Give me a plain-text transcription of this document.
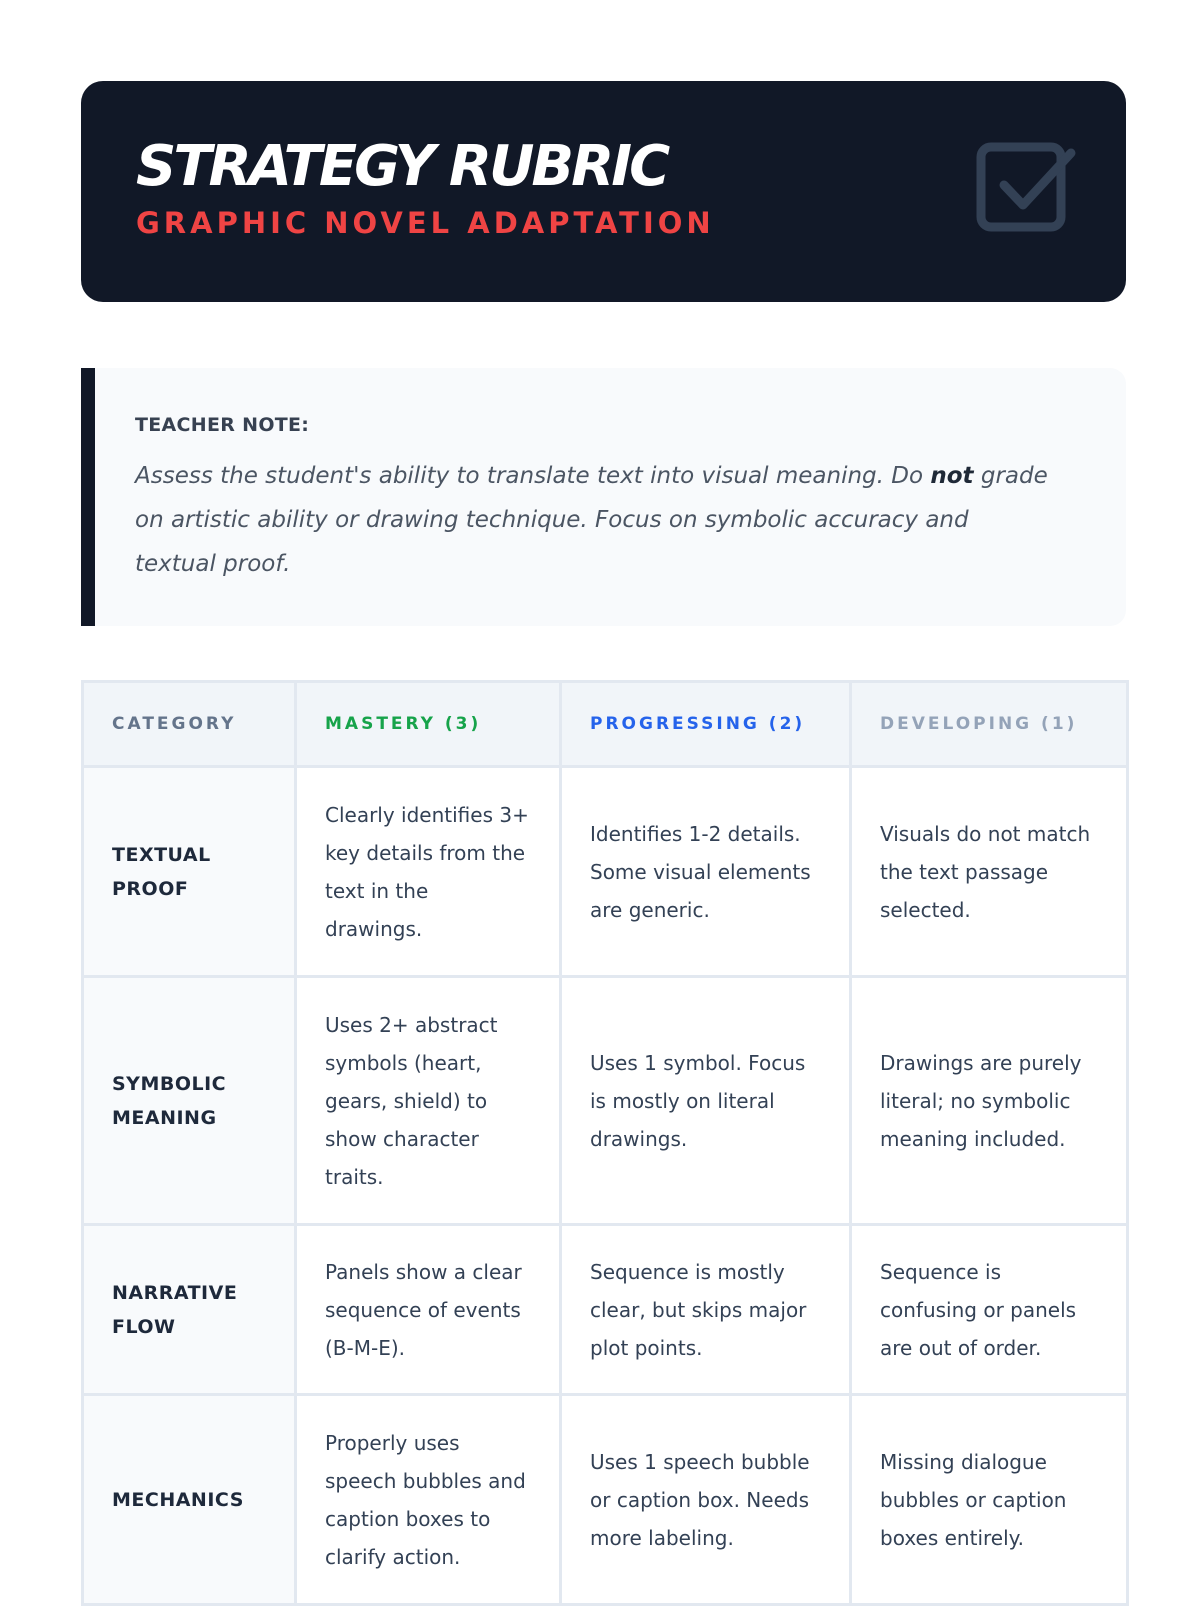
STRATEGY RUBRIC
GRAPHIC NOVEL ADAPTATION
TEACHER NOTE:
Assess the student's ability to translate text into visual meaning. Do not grade on artistic ability or drawing technique. Focus on symbolic accuracy and textual proof.
CATEGORY	MASTERY (3)	PROGRESSING (2)	DEVELOPING (1)
TEXTUAL PROOF	Clearly identifies 3+ key details from the text in the drawings.	Identifies 1-2 details. Some visual elements are generic.	Visuals do not match the text passage selected.
SYMBOLIC MEANING	Uses 2+ abstract symbols (heart, gears, shield) to show character traits.	Uses 1 symbol. Focus is mostly on literal drawings.	Drawings are purely literal; no symbolic meaning included.
NARRATIVE FLOW	Panels show a clear sequence of events (B-M-E).	Sequence is mostly clear, but skips major plot points.	Sequence is confusing or panels are out of order.
MECHANICS	Properly uses speech bubbles and caption boxes to clarify action.	Uses 1 speech bubble or caption box. Needs more labeling.	Missing dialogue bubbles or caption boxes entirely.
